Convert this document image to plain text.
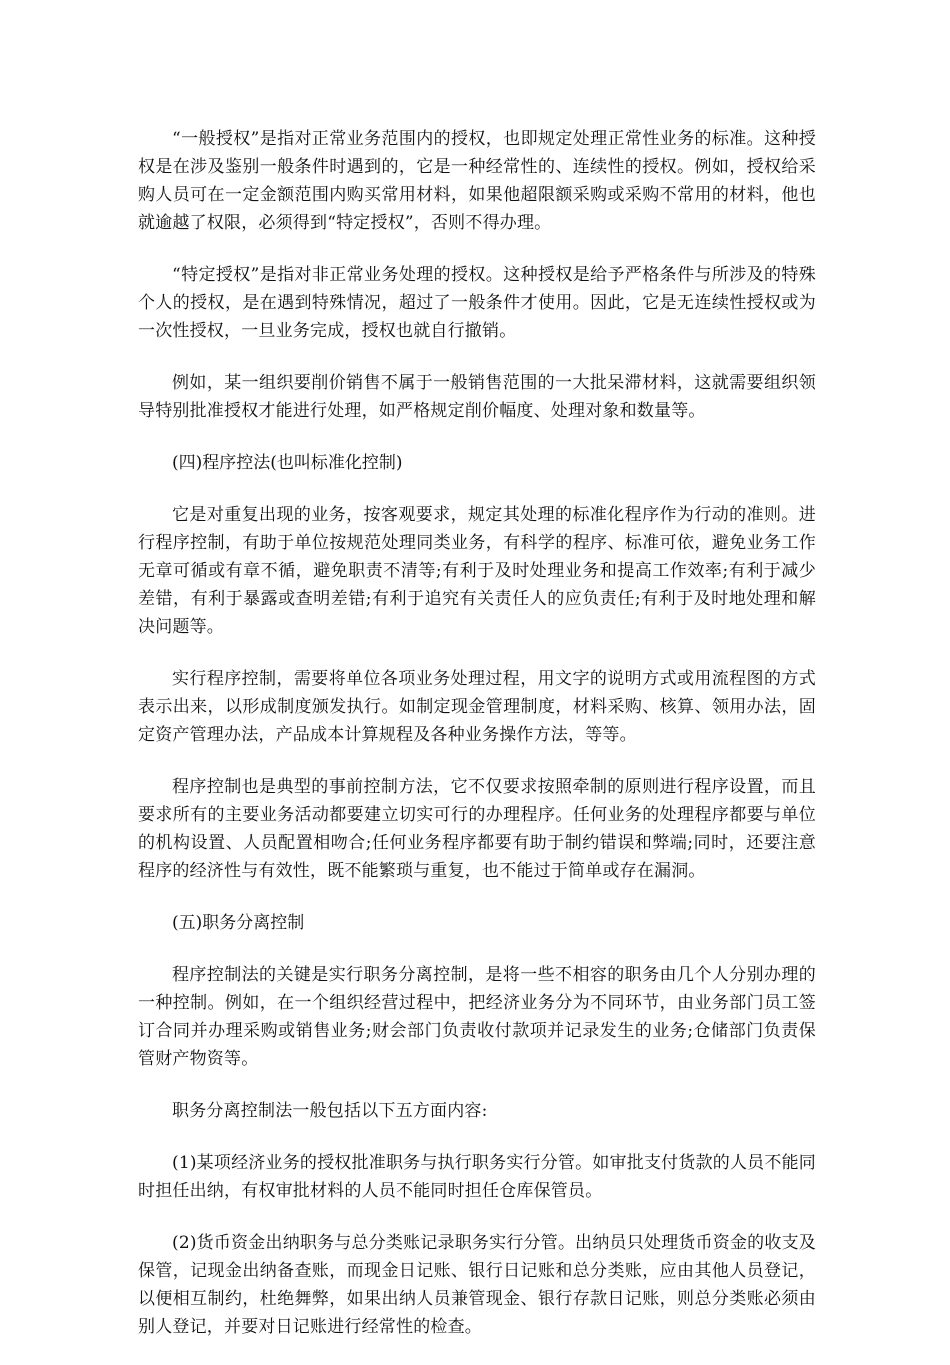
“一般授权”是指对正常业务范围内的授权，也即规定处理正常性业务的标准。这种授权是在涉及鉴别一般条件时遇到的，它是一种经常性的、连续性的授权。例如，授权给采购人员可在一定金额范围内购买常用材料，如果他超限额采购或采购不常用的材料，他也就逾越了权限，必须得到“特定授权”，否则不得办理。

“特定授权”是指对非正常业务处理的授权。这种授权是给予严格条件与所涉及的特殊个人的授权，是在遇到特殊情况，超过了一般条件才使用。因此，它是无连续性授权或为一次性授权，一旦业务完成，授权也就自行撤销。

例如，某一组织要削价销售不属于一般销售范围的一大批呆滞材料，这就需要组织领导特别批准授权才能进行处理，如严格规定削价幅度、处理对象和数量等。

(四)程序控法(也叫标准化控制)

它是对重复出现的业务，按客观要求，规定其处理的标准化程序作为行动的准则。进行程序控制，有助于单位按规范处理同类业务，有科学的程序、标准可依，避免业务工作无章可循或有章不循，避免职责不清等;有利于及时处理业务和提高工作效率;有利于减少差错，有利于暴露或查明差错;有利于追究有关责任人的应负责任;有利于及时地处理和解决问题等。

实行程序控制，需要将单位各项业务处理过程，用文字的说明方式或用流程图的方式表示出来，以形成制度颁发执行。如制定现金管理制度，材料采购、核算、领用办法，固定资产管理办法，产品成本计算规程及各种业务操作方法，等等。

程序控制也是典型的事前控制方法，它不仅要求按照牵制的原则进行程序设置，而且要求所有的主要业务活动都要建立切实可行的办理程序。任何业务的处理程序都要与单位的机构设置、人员配置相吻合;任何业务程序都要有助于制约错误和弊端;同时，还要注意程序的经济性与有效性，既不能繁琐与重复，也不能过于简单或存在漏洞。

(五)职务分离控制

程序控制法的关键是实行职务分离控制，是将一些不相容的职务由几个人分别办理的一种控制。例如，在一个组织经营过程中，把经济业务分为不同环节，由业务部门员工签订合同并办理采购或销售业务;财会部门负责收付款项并记录发生的业务;仓储部门负责保管财产物资等。

职务分离控制法一般包括以下五方面内容:

(1)某项经济业务的授权批准职务与执行职务实行分管。如审批支付货款的人员不能同时担任出纳，有权审批材料的人员不能同时担任仓库保管员。

(2)货币资金出纳职务与总分类账记录职务实行分管。出纳员只处理货币资金的收支及保管，记现金出纳备查账，而现金日记账、银行日记账和总分类账，应由其他人员登记，以便相互制约，杜绝舞弊，如果出纳人员兼管现金、银行存款日记账，则总分类账必须由别人登记，并要对日记账进行经常性的检查。
